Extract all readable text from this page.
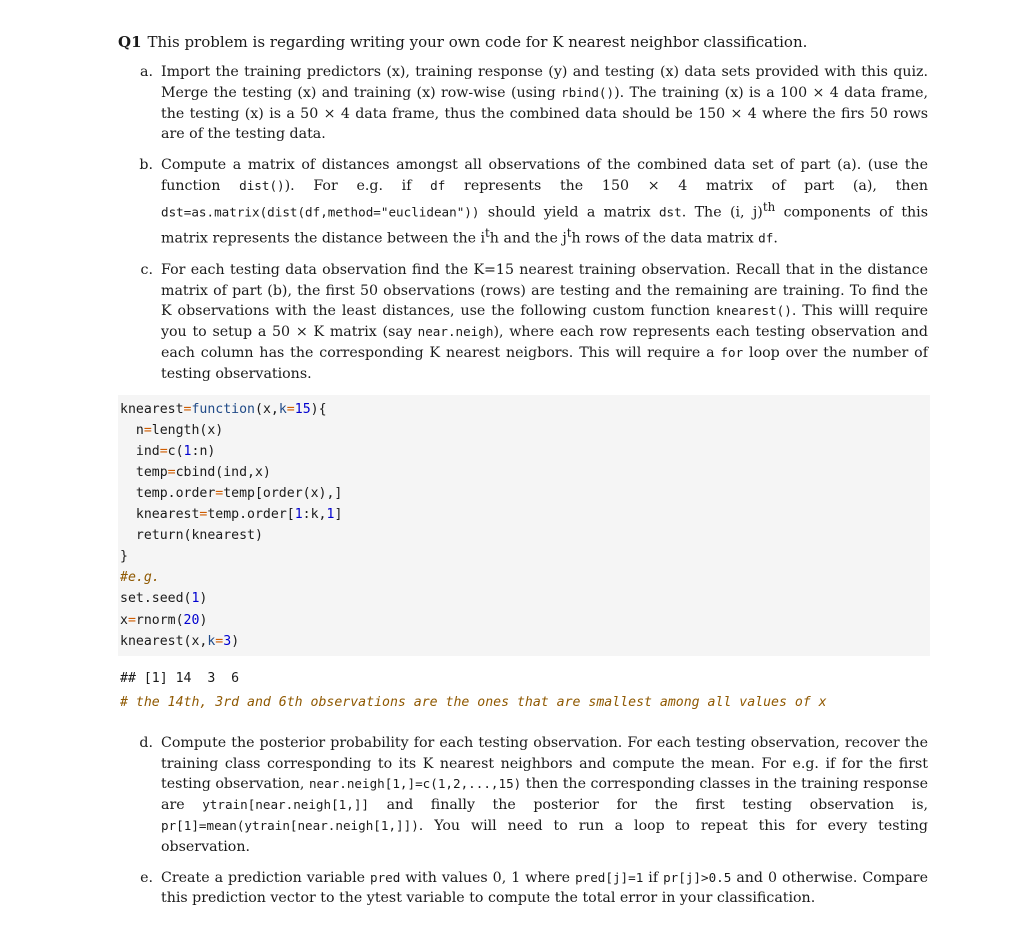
Q1 This problem is regarding writing your own code for K nearest neighbor classification.
a. Import the training predictors (x), training response (y) and testing (x) data sets provided with this quiz. Merge the testing (x) and training (x) row-wise (using rbind()). The training (x) is a 100 × 4 data frame, the testing (x) is a 50 × 4 data frame, thus the combined data should be 150 × 4 where the firs 50 rows are of the testing data.
b. Compute a matrix of distances amongst all observations of the combined data set of part (a). (use the function dist()). For e.g. if df represents the 150 × 4 matrix of part (a), then dst=as.matrix(dist(df,method="euclidean")) should yield a matrix dst. The (i, j)$^{th}$ components of this matrix represents the distance between the $i^th$ and the $j^th$ rows of the data matrix df.
c. For each testing data observation find the K=15 nearest training observation. Recall that in the distance matrix of part (b), the first 50 observations (rows) are testing and the remaining are training. To find the K observations with the least distances, use the following custom function knearest(). This willl require you to setup a 50 × K matrix (say near.neigh), where each row represents each testing observation and each column has the corresponding K nearest neigbors. This will require a for loop over the number of testing observations.
knearest=function(x,k=15){
n=length(x)
ind=c(1:n)
temp=cbind(ind,x)
temp.order=temp[order(x),]
knearest=temp.order[1:k,1]
return(knearest)
}
#e.g.
set.seed(1)
x=rnorm(20)
knearest(x,k=3)
## [1] 14  3  6
# the 14th, 3rd and 6th observations are the ones that are smallest among all values of x
d. Compute the posterior probability for each testing observation. For each testing observation, recover the training class corresponding to its K nearest neighbors and compute the mean. For e.g. if for the first testing observation, near.neigh[1,]=c(1,2,...,15) then the corresponding classes in the training response are ytrain[near.neigh[1,]] and finally the posterior for the first testing observation is, pr[1]=mean(ytrain[near.neigh[1,]]). You will need to run a loop to repeat this for every testing observation.
e. Create a prediction variable pred with values 0, 1 where pred[j]=1 if pr[j]>0.5 and 0 otherwise. Compare this prediction vector to the ytest variable to compute the total error in your classification.
